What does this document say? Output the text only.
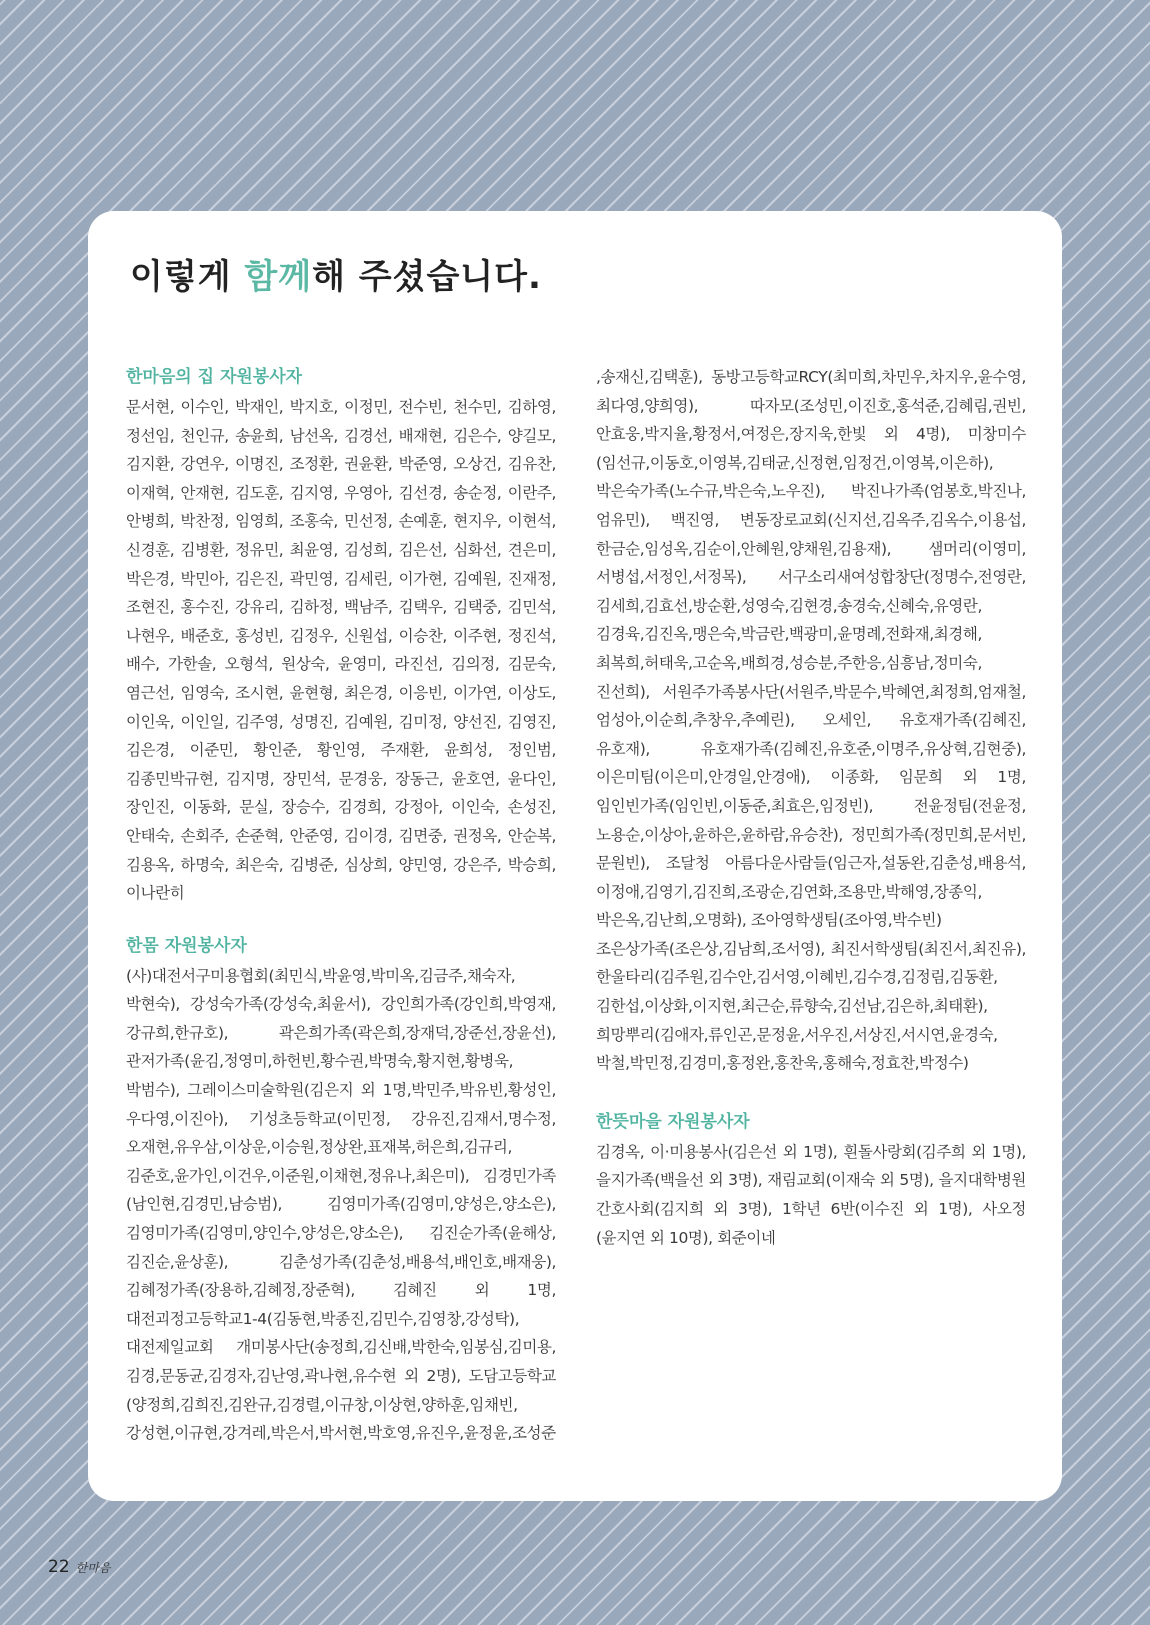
이렇게 함께해 주셨습니다.
한마음의 집 자원봉사자

문서현, 이수인, 박재인, 박지호, 이정민, 전수빈, 천수민, 김하영, 정선임, 천인규, 송윤희, 남선옥, 김경선, 배재현, 김은수, 양길모, 김지환, 강연우, 이명진, 조정환, 권윤환, 박준영, 오상건, 김유찬, 이재혁, 안재현, 김도훈, 김지영, 우영아, 김선경, 송순정, 이란주, 안병희, 박찬정, 임영희, 조홍숙, 민선정, 손예훈, 현지우, 이현석, 신경훈, 김병환, 정유민, 최윤영, 김성희, 김은선, 심화선, 견은미, 박은경, 박민아, 김은진, 곽민영, 김세린, 이가현, 김예원, 진재정, 조현진, 홍수진, 강유리, 김하정, 백남주, 김택우, 김택중, 김민석, 나현우, 배준호, 홍성빈, 김정우, 신원섭, 이승찬, 이주현, 정진석, 배수, 가한솔, 오형석, 원상숙, 윤영미, 라진선, 김의정, 김문숙, 염근선, 임영숙, 조시현, 윤현형, 최은경, 이응빈, 이가연, 이상도, 이인욱, 이인일, 김주영, 성명진, 김예원, 김미정, 양선진, 김영진, 김은경, 이준민, 황인준, 황인영, 주재환, 윤희성, 정인범, 김종민박규현, 김지명, 장민석, 문경웅, 장동근, 윤호연, 윤다인, 장인진, 이동화, 문실, 장승수, 김경희, 강정아, 이인숙, 손성진, 안태숙, 손회주, 손준혁, 안준영, 김이경, 김면중, 권정옥, 안순복, 김용옥, 하명숙, 최은숙, 김병준, 심상희, 양민영, 강은주, 박승희, 이나란히

한몸 자원봉사자

(사)대전서구미용협회(최민식,박윤영,박미옥,김금주,채숙자,박현숙), 강성숙가족(강성숙,최윤서), 강인희가족(강인희,박영재,강규희,한규호), 곽은희가족(곽은희,장재덕,장준선,장윤선), 관저가족(윤김,정영미,하헌빈,황수권,박명숙,황지현,황병욱,박범수), 그레이스미술학원(김은지 외 1명,박민주,박유빈,황성인,우다영,이진아), 기성초등학교(이민정, 강유진,김재서,명수정,오재현,유우삼,이상운,이승원,정상완,표재복,허은희,김규리,김준호,윤가인,이건우,이준원,이채현,정유나,최은미), 김경민가족(남인현,김경민,남승범), 김영미가족(김영미,양성은,양소은), 김영미가족(김영미,양인수,양성은,양소은), 김진순가족(윤해상,김진순,윤상훈), 김춘성가족(김춘성,배용석,배인호,배재웅), 김혜정가족(장용하,김혜정,장준혁), 김혜진 외 1명, 대전괴정고등학교1-4(김동현,박종진,김민수,김영창,강성탁), 대전제일교회 개미봉사단(송정희,김신배,박한숙,임봉심,김미용,김경,문동균,김경자,김난영,곽나현,유수현 외 2명), 도담고등학교(양정희,김희진,김완규,김경렬,이규창,이상현,양하훈,임채빈,강성현,이규현,강겨레,박은서,박서현,박호영,유진우,윤정윤,조성준

,송재신,김택훈), 동방고등학교RCY(최미희,차민우,차지우,윤수영,최다영,양희영), 따자모(조성민,이진호,홍석준,김혜림,권빈,안효웅,박지율,황정서,여정은,장지욱,한빛 외 4명), 미창미수(임선규,이동호,이영복,김태균,신정현,임정건,이영복,이은하), 박은숙가족(노수규,박은숙,노우진), 박진나가족(엄봉호,박진나,엄유민), 백진영, 변동장로교회(신지선,김옥주,김옥수,이용섭,한금순,임성옥,김순이,안혜원,양채원,김용재), 샘머리(이영미,서병섭,서정인,서정목), 서구소리새여성합창단(정명수,전영란,김세희,김효선,방순환,성영숙,김현경,송경숙,신혜숙,유영란,김경육,김진옥,맹은숙,박금란,백광미,윤명례,전화재,최경해,최복희,허태욱,고순옥,배희경,성승분,주한응,심흥남,정미숙,진선희), 서원주가족봉사단(서원주,박문수,박혜연,최정희,엄재철,엄성아,이순희,추창우,추예린), 오세인, 유호재가족(김혜진,유호재), 유호재가족(김혜진,유호준,이명주,유상혁,김현중), 이은미팀(이은미,안경일,안경애), 이종화, 임문희 외 1명, 임인빈가족(임인빈,이동준,최효은,임정빈), 전윤정팀(전윤정,노용순,이상아,윤하은,윤하람,유승찬), 정민희가족(정민희,문서빈,문원빈), 조달청 아름다운사람들(임근자,설동완,김춘성,배용석,이정애,김영기,김진희,조광순,김연화,조용만,박해영,장종익,박은옥,김난희,오명화), 조아영학생팀(조아영,박수빈)

조은상가족(조은상,김남희,조서영), 최진서학생팀(최진서,최진유), 한울타리(김주원,김수안,김서영,이혜빈,김수경,김정림,김동환,김한섭,이상화,이지현,최근순,류향숙,김선남,김은하,최태환), 희망뿌리(김애자,류인곤,문정윤,서우진,서상진,서시연,윤경숙,박철,박민정,김경미,홍정완,홍찬욱,홍해숙,정효찬,박정수)

한뜻마을 자원봉사자

김경옥, 이·미용봉사(김은선 외 1명), 흰돌사랑회(김주희 외 1명), 을지가족(백을선 외 3명), 재림교회(이재숙 외 5명), 을지대학병원 간호사회(김지희 외 3명), 1학년 6반(이수진 외 1명), 사오정(윤지연 외 10명), 회준이네

22 한마음
